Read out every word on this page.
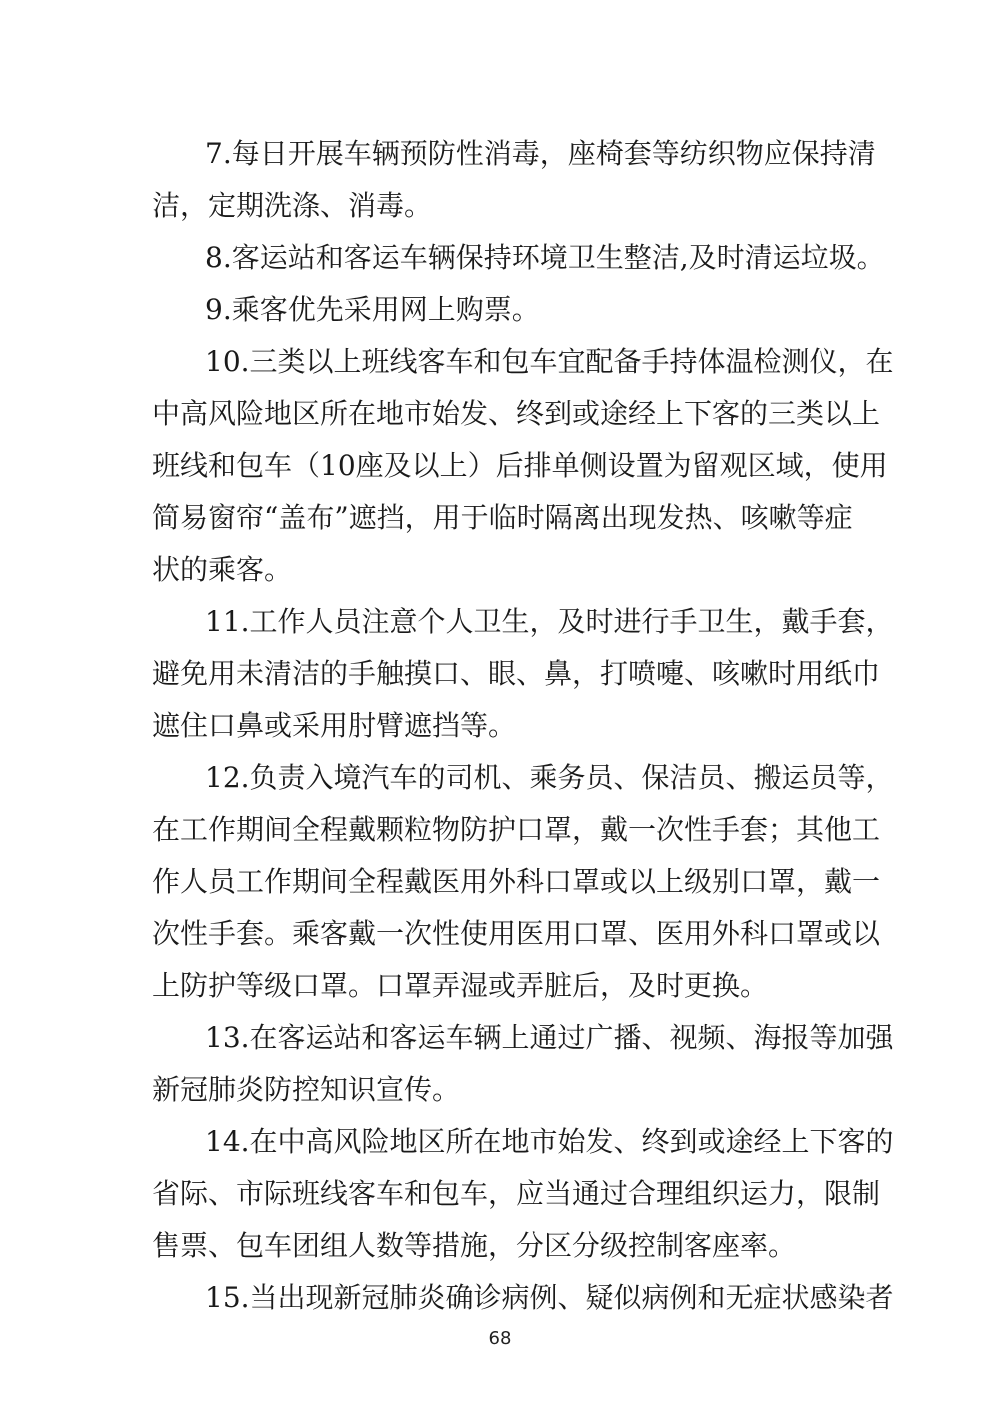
7.每日开展车辆预防性消毒，座椅套等纺织物应保持清
洁，定期洗涤、消毒。
8.客运站和客运车辆保持环境卫生整洁,及时清运垃圾。
9.乘客优先采用网上购票。
10.三类以上班线客车和包车宜配备手持体温检测仪，在
中高风险地区所在地市始发、终到或途经上下客的三类以上
班线和包车（10座及以上）后排单侧设置为留观区域，使用
简易窗帘“盖布”遮挡，用于临时隔离出现发热、咳嗽等症
状的乘客。
11.工作人员注意个人卫生，及时进行手卫生，戴手套，
避免用未清洁的手触摸口、眼、鼻，打喷嚏、咳嗽时用纸巾
遮住口鼻或采用肘臂遮挡等。
12.负责入境汽车的司机、乘务员、保洁员、搬运员等，
在工作期间全程戴颗粒物防护口罩，戴一次性手套；其他工
作人员工作期间全程戴医用外科口罩或以上级别口罩，戴一
次性手套。乘客戴一次性使用医用口罩、医用外科口罩或以
上防护等级口罩。口罩弄湿或弄脏后，及时更换。
13.在客运站和客运车辆上通过广播、视频、海报等加强
新冠肺炎防控知识宣传。
14.在中高风险地区所在地市始发、终到或途经上下客的
省际、市际班线客车和包车，应当通过合理组织运力，限制
售票、包车团组人数等措施，分区分级控制客座率。
15.当出现新冠肺炎确诊病例、疑似病例和无症状感染者
68
